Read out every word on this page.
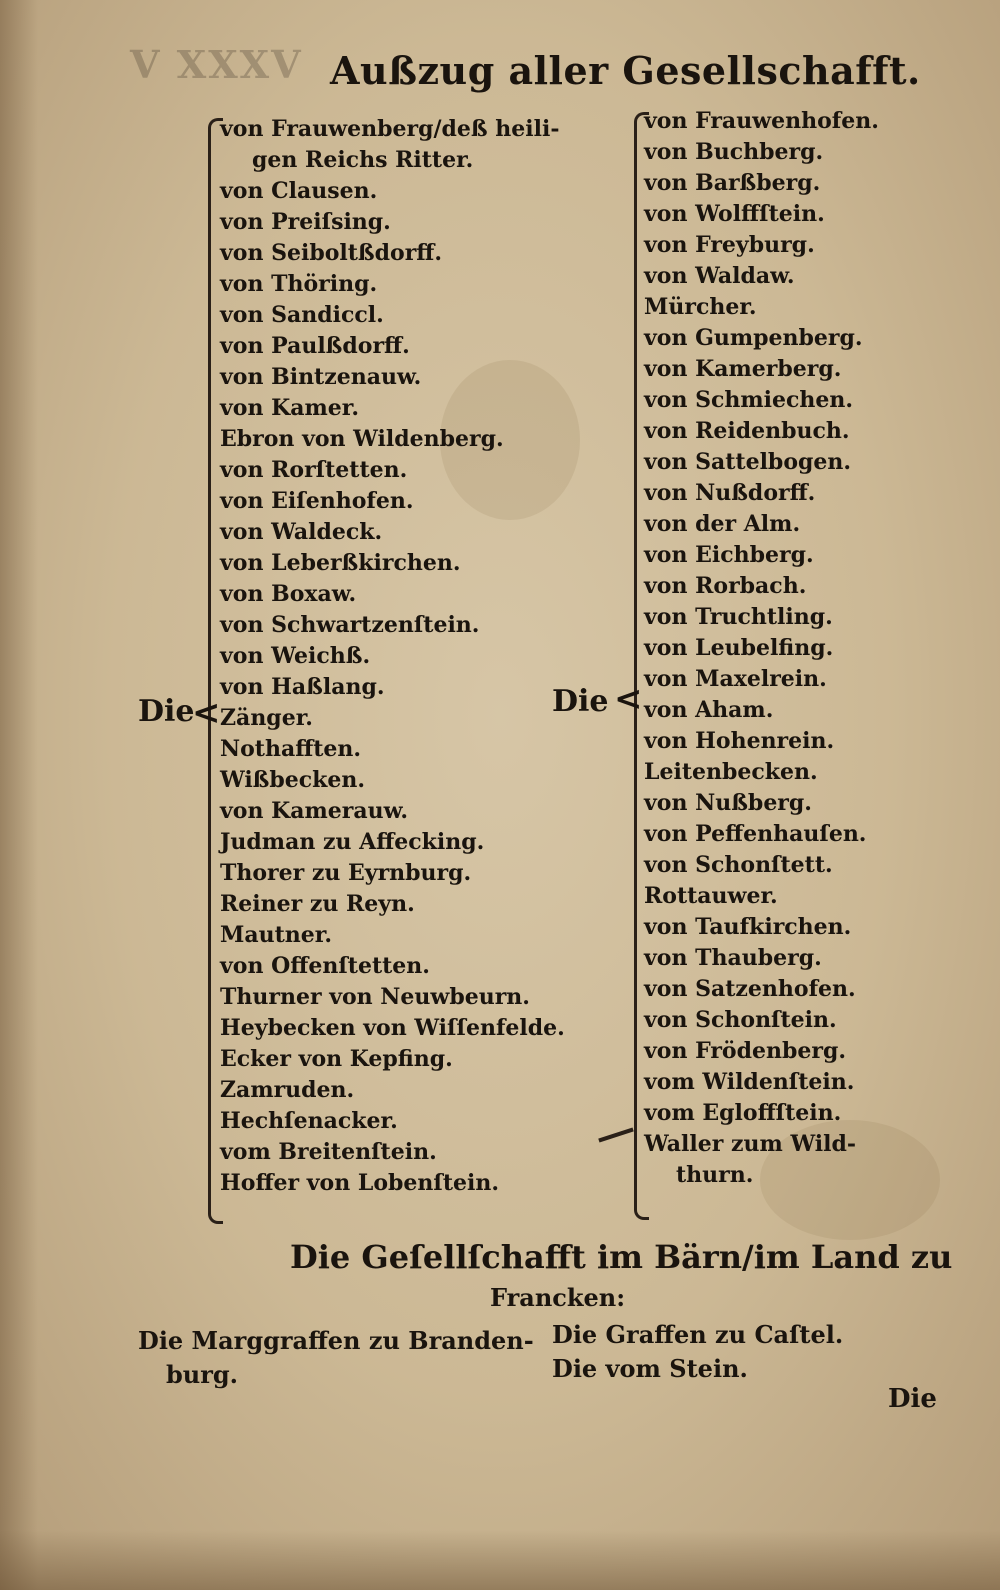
V XXXV Außzug aller Gesellschafft.
<
Die
von Frauwenberg/deß heili-
gen Reichs Ritter.
von Clausen.
von Preiſsing.
von Seiboltßdorff.
von Thöring.
von Sandiccl.
von Paulßdorff.
von Bintzenauw.
von Kamer.
Ebron von Wildenberg.
von Rorſtetten.
von Eiſenhofen.
von Waldeck.
von Leberßkirchen.
von Boxaw.
von Schwartzenſtein.
von Weichß.
von Haßlang.
Zänger.
Nothafften.
Wißbecken.
von Kamerauw.
Judman zu Affecking.
Thorer zu Eyrnburg.
Reiner zu Reyn.
Mautner.
von Offenſtetten.
Thurner von Neuwbeurn.
Heybecken von Wiſſenfelde.
Ecker von Kepfing.
Zamruden.
Hechſenacker.
vom Breitenſtein.
Hoffer von Lobenſtein.
<
Die
von Frauwenhofen.
von Buchberg.
von Barßberg.
von Wolffſtein.
von Freyburg.
von Waldaw.
Mürcher.
von Gumpenberg.
von Kamerberg.
von Schmiechen.
von Reidenbuch.
von Sattelbogen.
von Nußdorff.
von der Alm.
von Eichberg.
von Rorbach.
von Truchtling.
von Leubelfing.
von Maxelrein.
von Aham.
von Hohenrein.
Leitenbecken.
von Nußberg.
von Peffenhauſen.
von Schonſtett.
Rottauwer.
von Taufkirchen.
von Thauberg.
von Satzenhofen.
von Schonſtein.
von Frödenberg.
vom Wildenſtein.
vom Egloffſtein.
Waller zum Wild-
thurn.
Die Geſellſchafft im Bärn/im Land zu
Francken:
Die Marggraffen zu Branden-
burg.
Die Graffen zu Caſtel.
Die vom Stein.
Die
